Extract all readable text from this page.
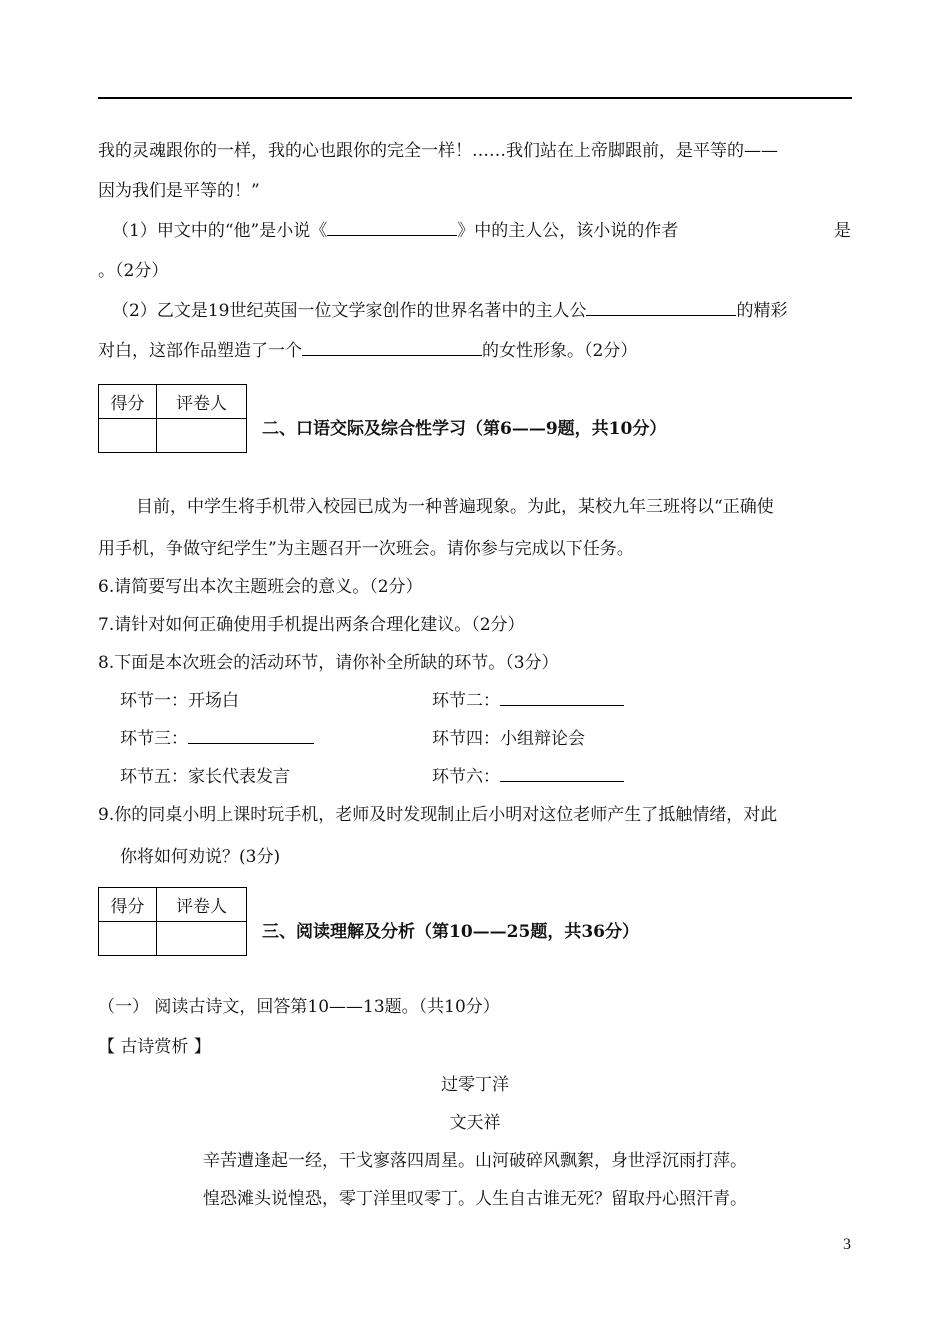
我的灵魂跟你的一样，我的心也跟你的完全一样！……我们站在上帝脚跟前，是平等的——
因为我们是平等的！”
（1）甲文中的“他”是小说《	》中的主人公，该小说的作者	是
。（2分）
（2）乙文是19世纪英国一位文学家创作的世界名著中的主人公	的精彩
对白，这部作品塑造了一个	的女性形象。（2分）
得分	评卷人

二、口语交际及综合性学习（第6——9题，共10分）
目前，中学生将手机带入校园已成为一种普遍现象。为此，某校九年三班将以“正确使
用手机，争做守纪学生”为主题召开一次班会。请你参与完成以下任务。
6.请简要写出本次主题班会的意义。（2分）
7.请针对如何正确使用手机提出两条合理化建议。（2分）
8.下面是本次班会的活动环节，请你补全所缺的环节。（3分）
环节一：开场白	环节二：
环节三：	环节四：小组辩论会
环节五：家长代表发言	环节六：
9.你的同桌小明上课时玩手机，老师及时发现制止后小明对这位老师产生了抵触情绪，对此
你将如何劝说？(3分)
得分	评卷人

三、阅读理解及分析（第10——25题，共36分）
（一） 阅读古诗文，回答第10——13题。（共10分）
【 古诗赏析 】
过零丁洋
文天祥
辛苦遭逢起一经，干戈寥落四周星。山河破碎风飘絮，身世浮沉雨打萍。
惶恐滩头说惶恐，零丁洋里叹零丁。人生自古谁无死？留取丹心照汗青。
3
